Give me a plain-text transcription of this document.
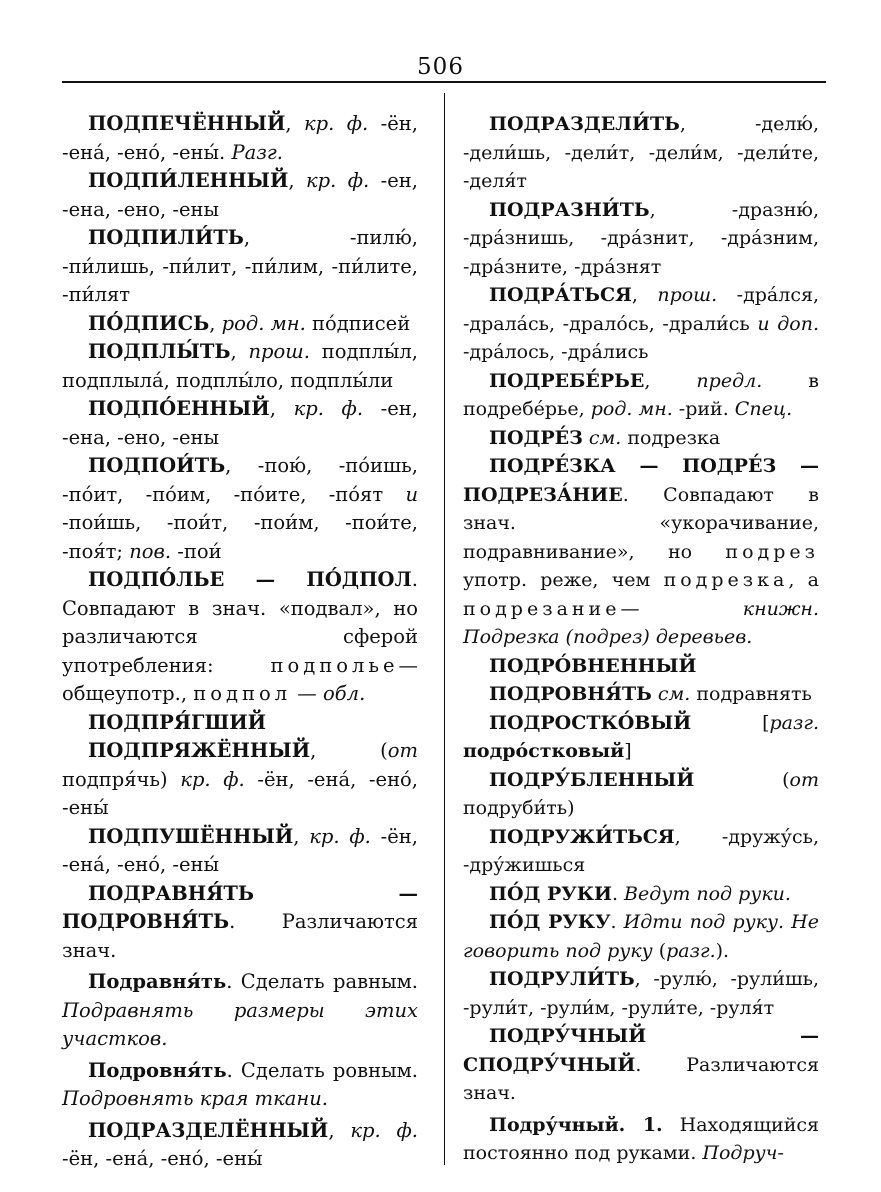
506

ПОДПЕЧЁННЫЙ, кр. ф. -ён, -ена́, -ено́, -ены́. Разг.

ПОДПИ́ЛЕННЫЙ, кр. ф. -ен, -ена, -ено, -ены

ПОДПИЛИ́ТЬ, -пилю́, -пи́лишь, -пи́лит, -пи́лим, -пи́лите, -пи́лят

ПО́ДПИСЬ, род. мн. по́дписей

ПОДПЛЫ́ТЬ, прош. подплы́л, подплыла́, подплы́ло, подплы́ли

ПОДПО́ЕННЫЙ, кр. ф. -ен, -ена, -ено, -ены

ПОДПОИ́ТЬ, -пою́, -по́ишь, -по́ит, -по́им, -по́ите, -по́ят и -пои́шь, -пои́т, -пои́м, -пои́те, -поя́т; пов. -пои́

ПОДПО́ЛЬЕ — ПО́ДПОЛ. Совпадают в знач. «подвал», но различаются сферой употребления: подполье— общеупотр., подпол — обл.

ПОДПРЯ́ГШИЙ

ПОДПРЯЖЁННЫЙ, (от подпря́чь) кр. ф. -ён, -ена́, -ено́, -ены́

ПОДПУШЁННЫЙ, кр. ф. -ён, -ена́, -ено́, -ены́

ПОДРАВНЯ́ТЬ — ПОДРОВНЯ́ТЬ. Различаются знач.

Подравня́ть. Сделать равным. Подравнять размеры этих участков.

Подровня́ть. Сделать ровным. Подровнять края ткани.

ПОДРАЗДЕЛЁННЫЙ, кр. ф. -ён, -ена́, -ено́, -ены́

ПОДРАЗДЕЛИ́ТЬ, -делю́, -дели́шь, -дели́т, -дели́м, -дели́те, -деля́т

ПОДРАЗНИ́ТЬ, -дразню́, -дра́знишь, -дра́знит, -дра́зним, -дра́зните, -дра́знят

ПОДРА́ТЬСЯ, прош. -дра́лся, -драла́сь, -драло́сь, -драли́сь и доп. -дра́лось, -дра́лись

ПОДРЕБЕ́РЬЕ, предл. в подребе́рье, род. мн. -рий. Спец.

ПОДРЕ́З см. подрезка

ПОДРЕ́ЗКА — ПОДРЕ́З — ПОДРЕЗА́НИЕ. Совпадают в знач. «укорачивание, подравнивание», но подрез употр. реже, чем подрезка, а подрезание— книжн. Подрезка (подрез) деревьев.

ПОДРО́ВНЕННЫЙ

ПОДРОВНЯ́ТЬ см. подравнять

ПОДРОСТКО́ВЫЙ [разг. подро́стковый]

ПОДРУ́БЛЕННЫЙ (от подруби́ть)

ПОДРУЖИ́ТЬСЯ, -дружу́сь, -дру́жишься

ПО́Д РУКИ. Ведут под руки.

ПО́Д РУКУ. Идти под руку. Не говорить под руку (разг.).

ПОДРУЛИ́ТЬ, -рулю́, -рули́шь, -рули́т, -рули́м, -рули́те, -руля́т

ПОДРУ́ЧНЫЙ — СПОДРУ́ЧНЫЙ. Различаются знач.

Подру́чный. 1. Находящийся постоянно под руками. Подруч-
